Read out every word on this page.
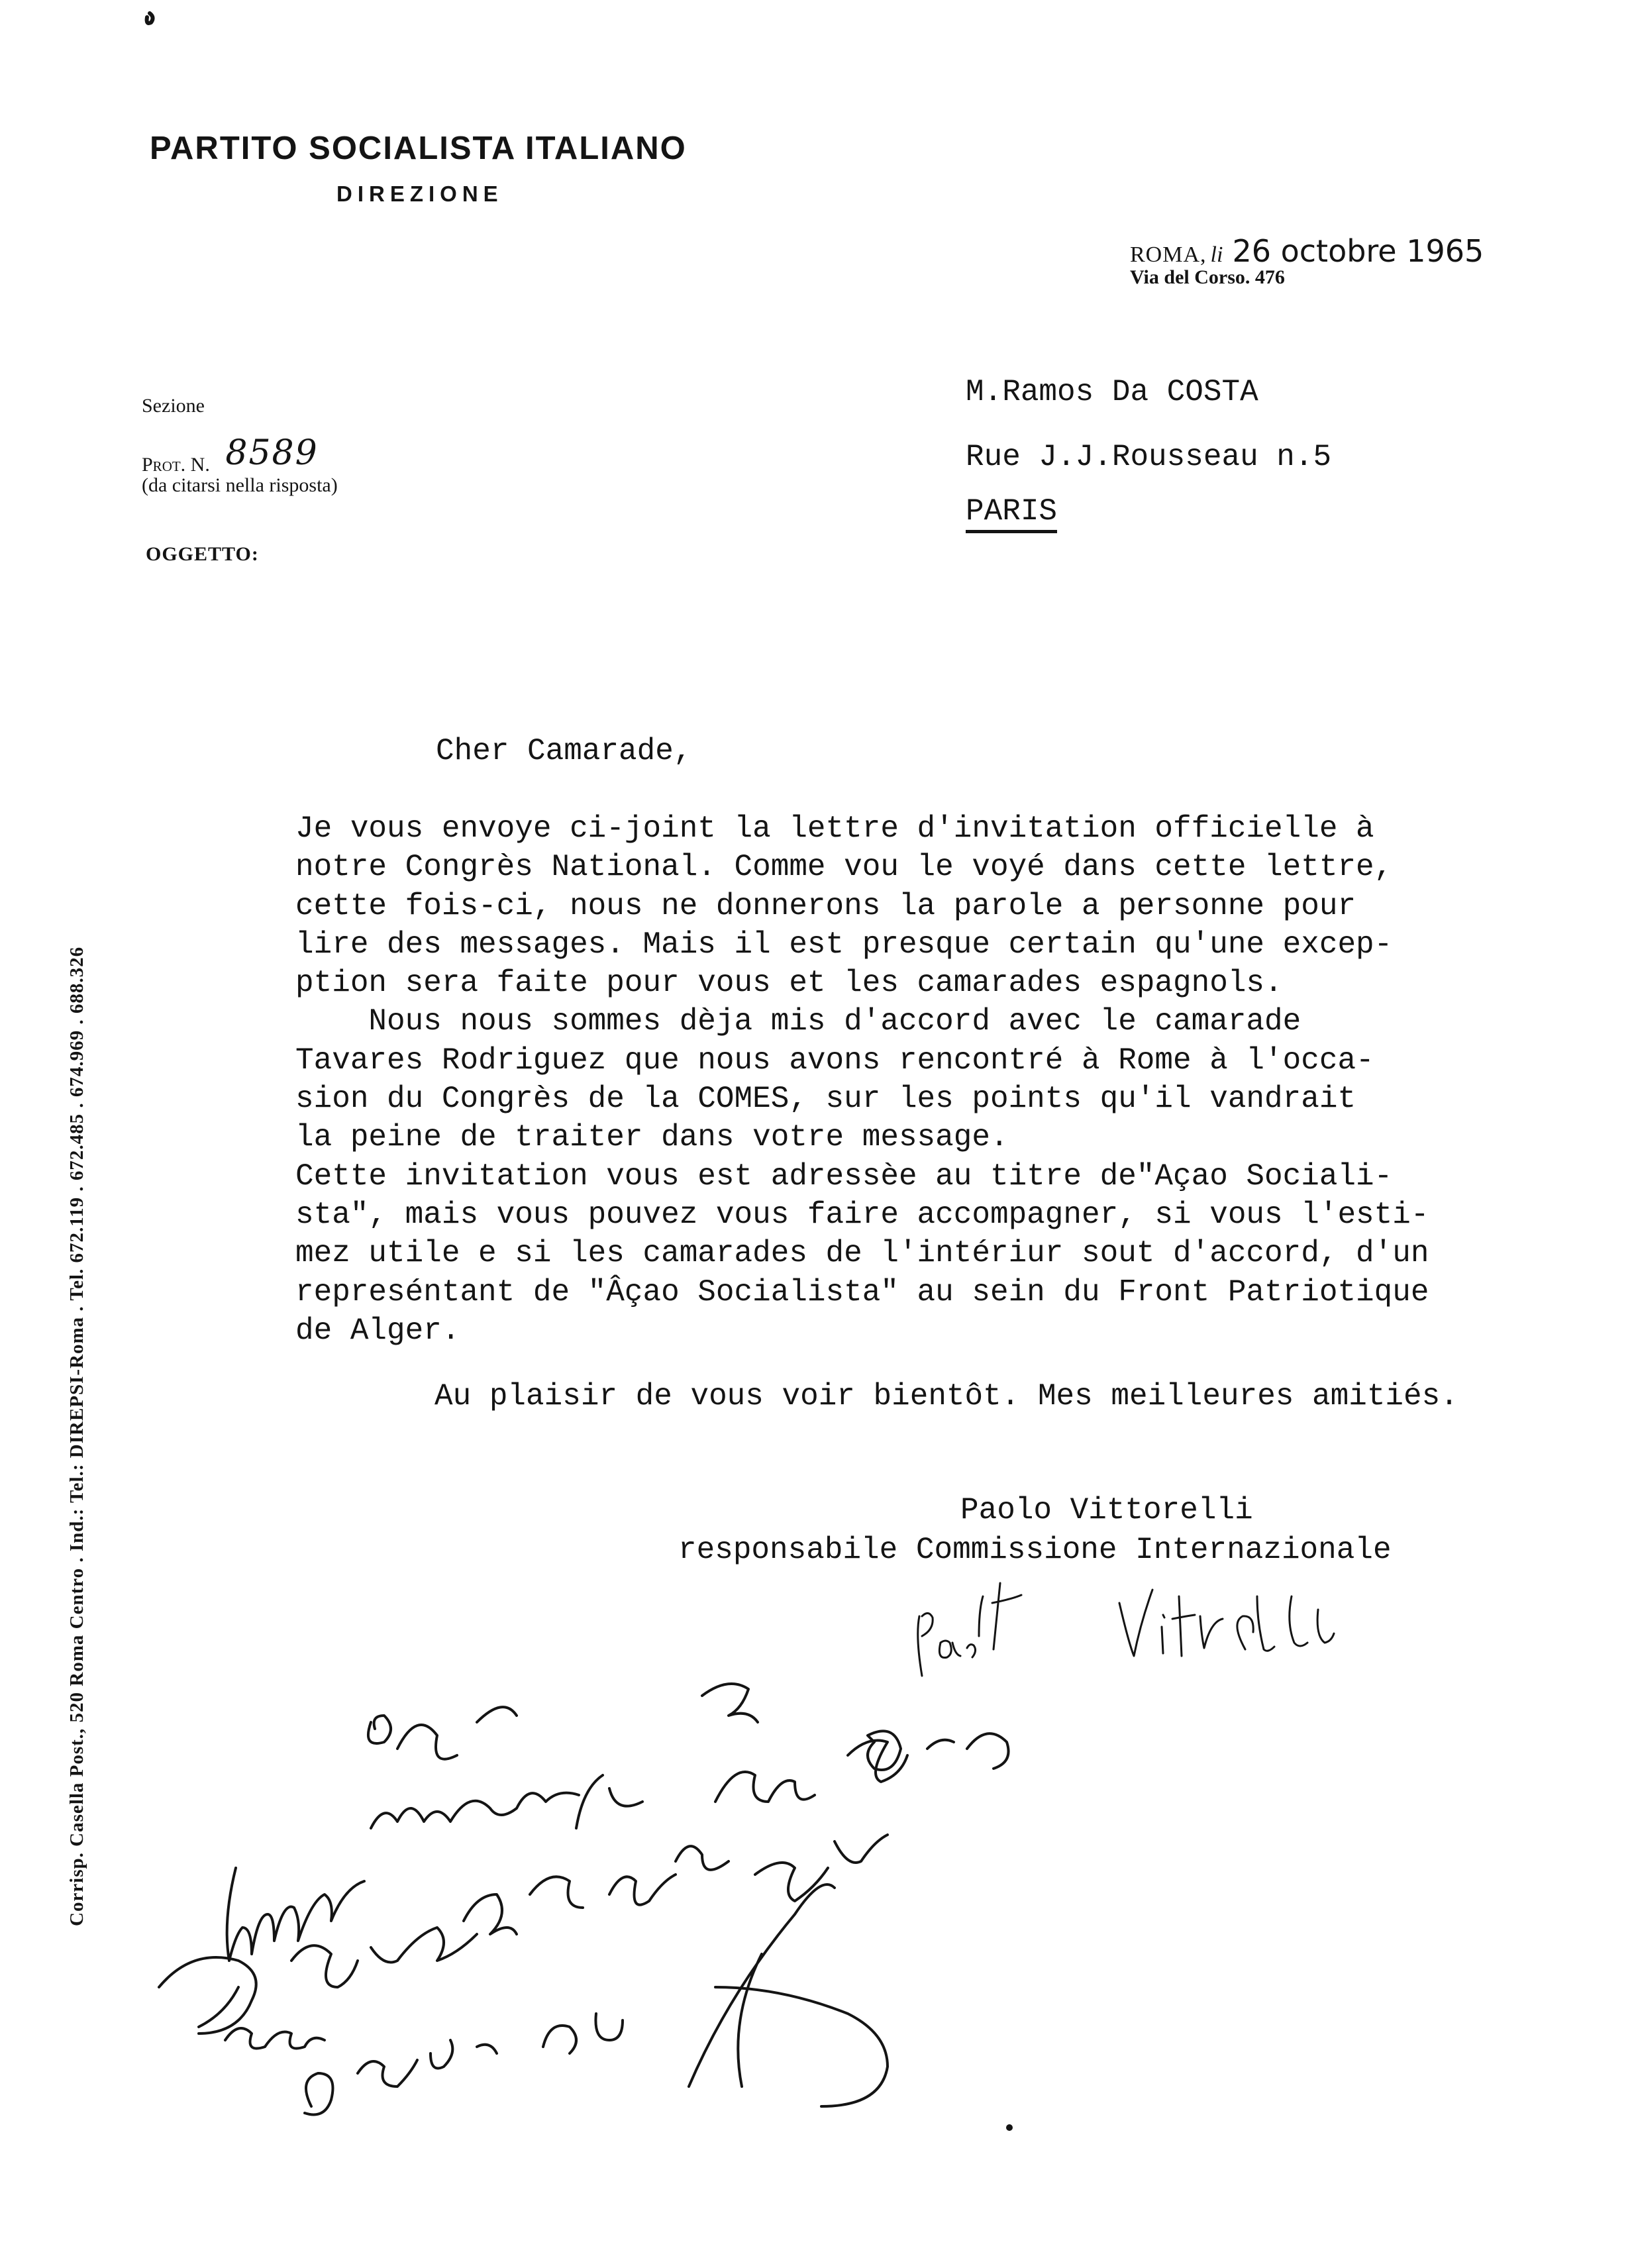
PARTITO SOCIALISTA ITALIANO
DIREZIONE
ROMA, li 26 octobre 1965
Via del Corso. 476
Sezione
Prot. N. 8589
(da citarsi nella risposta)
OGGETTO:
M.Ramos Da COSTA
Rue J.J.Rousseau n.5
PARIS
Corrisp. Casella Post., 520 Roma Centro . Ind.: Tel.: DIREPSI-Roma . Tel. 672.119 . 672.485 . 674.969 . 688.326
Cher Camarade,
Je vous envoye ci-joint la lettre d'invitation officielle à
notre Congrès National. Comme vou le voyé dans cette lettre,
cette fois-ci, nous ne donnerons la parole a personne pour
lire des messages. Mais il est presque certain qu'une excep-
ption sera faite pour vous et les camarades espagnols.
Nous nous sommes dèja mis d'accord avec le camarade
Tavares Rodriguez que nous avons rencontré à Rome à l'occa-
sion du Congrès de la COMES, sur les points qu'il vandrait
la peine de traiter dans votre message.
Cette invitation vous est adressèe au titre de"Açao Sociali-
sta", mais vous pouvez vous faire accompagner, si vous l'esti-
mez utile e si les camarades de l'intériur sout d'accord, d'un
represéntant de "Âçao Socialista" au sein du Front Patriotique
de Alger.
Au plaisir de vous voir bientôt. Mes meilleures amitiés.
Paolo Vittorelli
responsabile Commissione Internazionale
